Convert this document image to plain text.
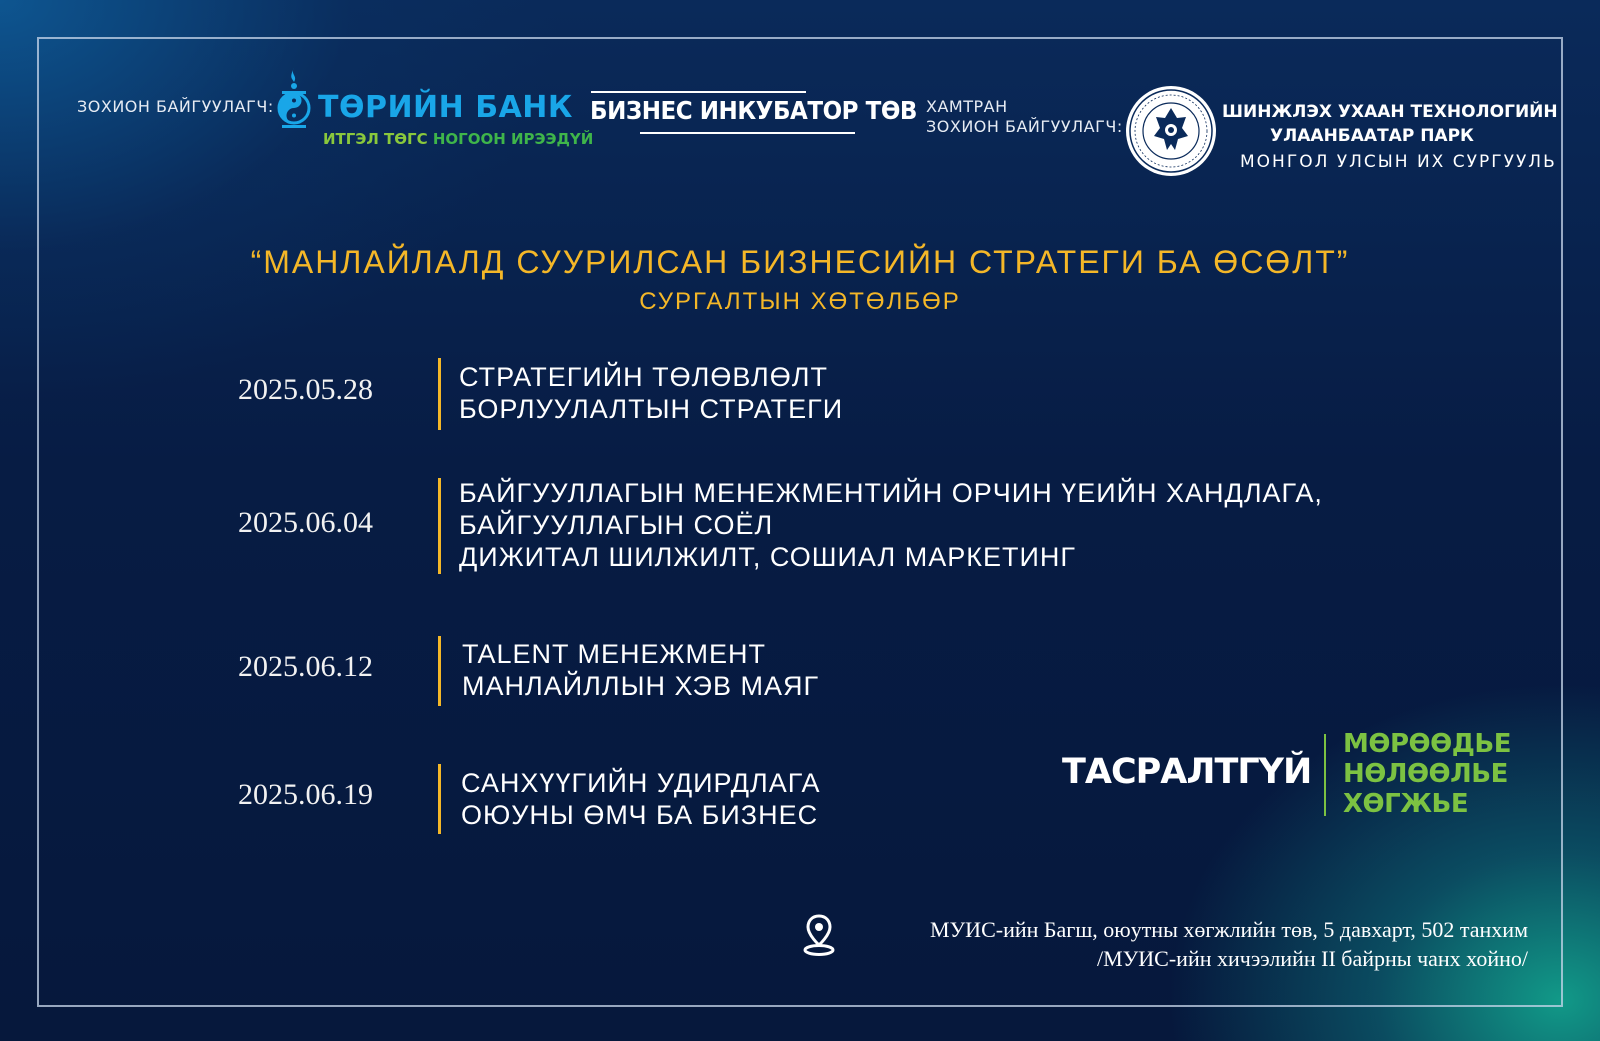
ЗОХИОН БАЙГУУЛАГЧ: ТӨРИЙН БАНК
ИТГЭЛ ТӨГС НОГООН ИРЭЭДҮЙ
БИЗНЕС ИНКУБАТОР ТӨВ ХАМТРАН
ЗОХИОН БАЙГУУЛАГЧ:
ШИНЖЛЭХ УХААН ТЕХНОЛОГИЙН
УЛААНБААТАР ПАРК
МОНГОЛ УЛСЫН ИХ СУРГУУЛЬ
“МАНЛАЙЛАЛД СУУРИЛСАН БИЗНЕСИЙН СТРАТЕГИ БА ӨСӨЛТ”
СУРГАЛТЫН ХӨТӨЛБӨР
2025.05.28	СТРАТЕГИЙН ТӨЛӨВЛӨЛТ
БОРЛУУЛАЛТЫН СТРАТЕГИ
2025.06.04
БАЙГУУЛЛАГЫН МЕНЕЖМЕНТИЙН ОРЧИН ҮЕИЙН ХАНДЛАГА,
БАЙГУУЛЛАГЫН СОЁЛ
ДИЖИТАЛ ШИЛЖИЛТ, СОШИАЛ МАРКЕТИНГ
2025.06.12	TALENT МЕНЕЖМЕНТ
МАНЛАЙЛЛЫН ХЭВ МАЯГ
2025.06.19	САНХҮҮГИЙН УДИРДЛАГА
ОЮУНЫ ӨМЧ БА БИЗНЕС
ТАСРАЛТГҮЙ
МӨРӨӨДЬЕ
НӨЛӨӨЛЬЕ
ХӨГЖЬЕ
МУИС-ийн Багш, оюутны хөгжлийн төв, 5 давхарт, 502 танхим
/МУИС-ийн хичээлийн II байрны чанх хойно/
